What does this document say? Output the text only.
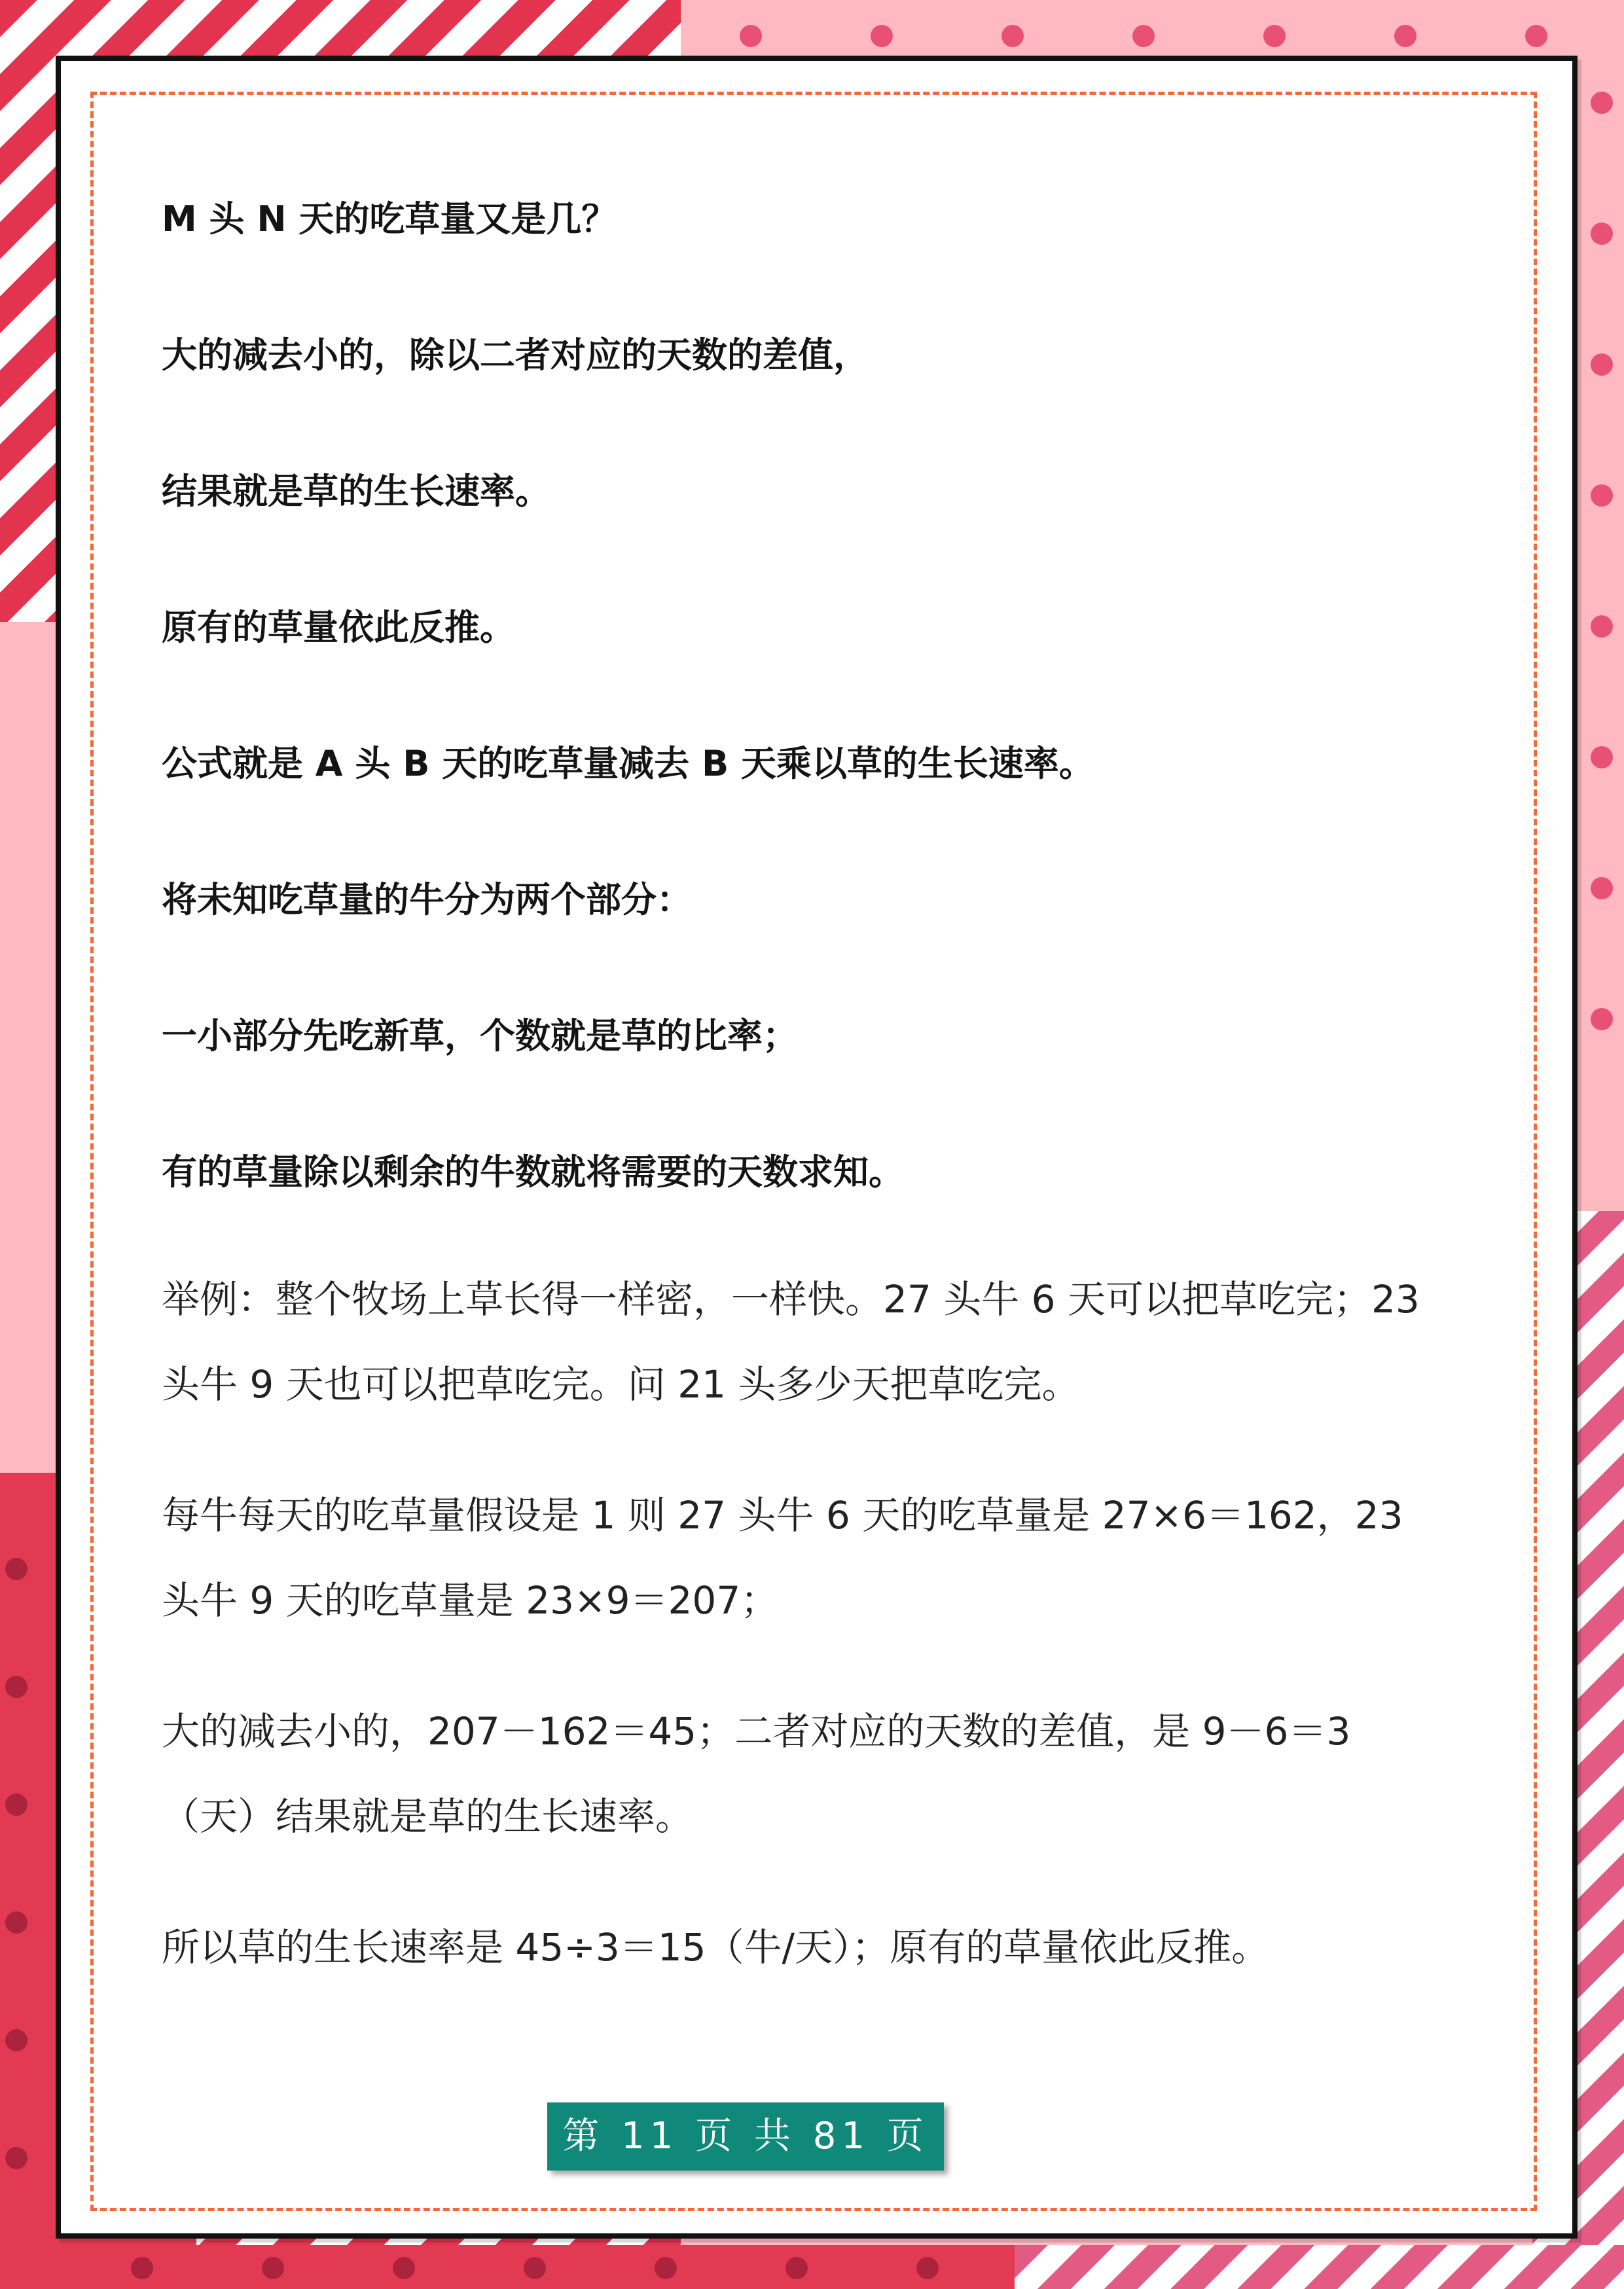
M 头 N 天的吃草量又是几？
大的减去小的，除以二者对应的天数的差值，
结果就是草的生长速率。
原有的草量依此反推。
公式就是 A 头 B 天的吃草量减去 B 天乘以草的生长速率。
将未知吃草量的牛分为两个部分：
一小部分先吃新草，个数就是草的比率；
有的草量除以剩余的牛数就将需要的天数求知。

举例：整个牧场上草长得一样密，一样快。27 头牛 6 天可以把草吃完；23 头牛 9 天也可以把草吃完。问 21 头多少天把草吃完。

每牛每天的吃草量假设是 1 则 27 头牛 6 天的吃草量是 27×6＝162，23 头牛 9 天的吃草量是 23×9＝207；

大的减去小的，207－162＝45；二者对应的天数的差值，是 9－6＝3（天）结果就是草的生长速率。

所以草的生长速率是 45÷3＝15（牛/天）；原有的草量依此反推。

第 11 页 共 81 页
